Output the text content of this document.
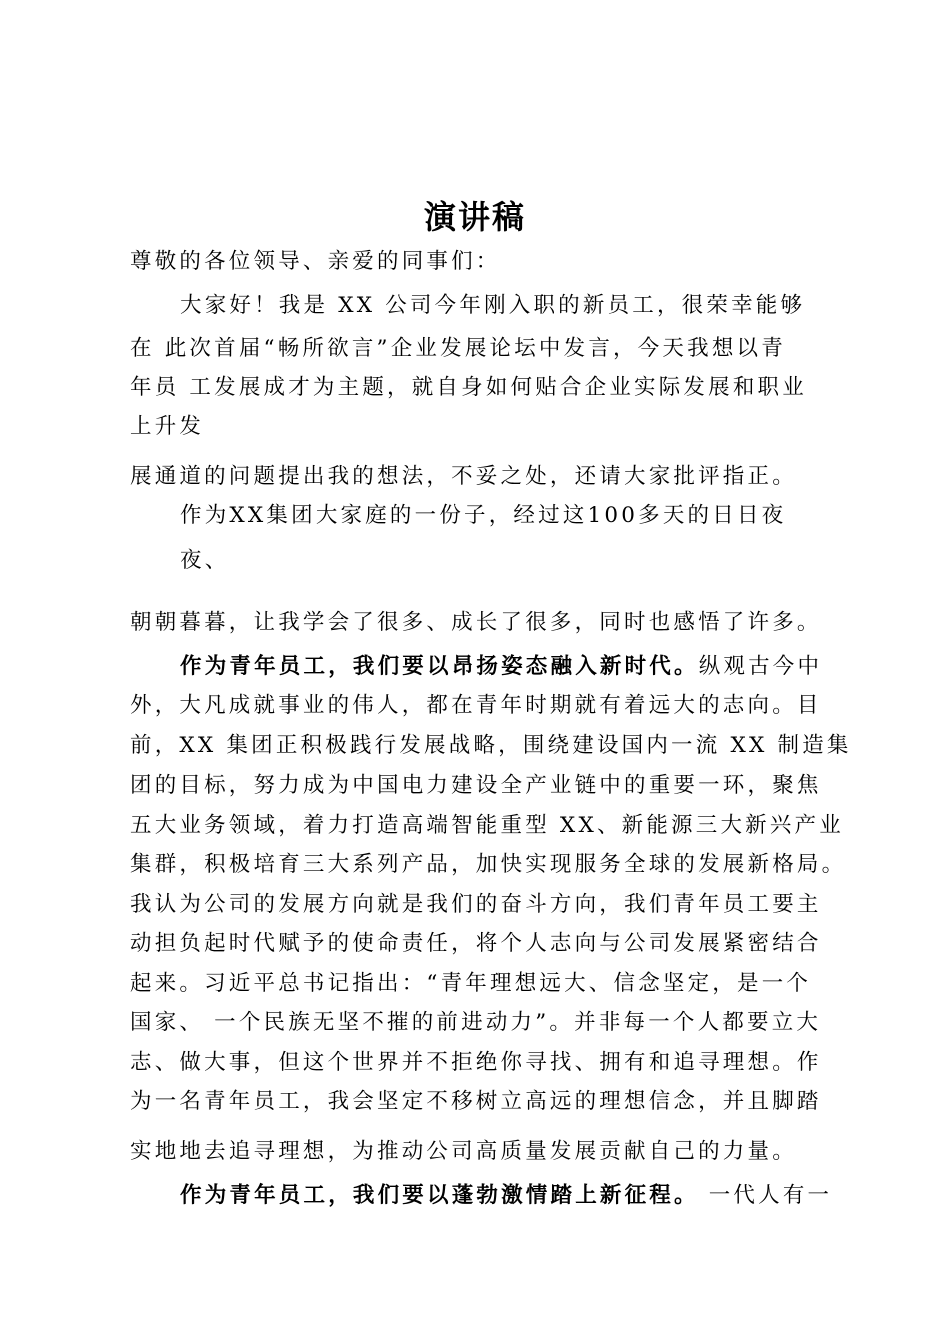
演讲稿
尊敬的各位领导、亲爱的同事们：
大家好！我是 XX 公司今年刚入职的新员工，很荣幸能够
在 此次首届“畅所欲言”企业发展论坛中发言，今天我想以青
年员 工发展成才为主题，就自身如何贴合企业实际发展和职业
上升发
展通道的问题提出我的想法，不妥之处，还请大家批评指正。
作为XX集团大家庭的一份子，经过这100多天的日日夜
夜、
朝朝暮暮，让我学会了很多、成长了很多，同时也感悟了许多。
作为青年员工，我们要以昂扬姿态融入新时代。纵观古今中
外，大凡成就事业的伟人，都在青年时期就有着远大的志向。目
前，XX 集团正积极践行发展战略，围绕建设国内一流 XX 制造集
团的目标，努力成为中国电力建设全产业链中的重要一环，聚焦
五大业务领域，着力打造高端智能重型 XX、新能源三大新兴产业
集群，积极培育三大系列产品，加快实现服务全球的发展新格局。
我认为公司的发展方向就是我们的奋斗方向，我们青年员工要主
动担负起时代赋予的使命责任，将个人志向与公司发展紧密结合
起来。习近平总书记指出：“青年理想远大、信念坚定，是一个
国家、 一个民族无坚不摧的前进动力”。并非每一个人都要立大
志、做大事，但这个世界并不拒绝你寻找、拥有和追寻理想。作
为一名青年员工，我会坚定不移树立高远的理想信念，并且脚踏
实地地去追寻理想，为推动公司高质量发展贡献自己的力量。
作为青年员工，我们要以蓬勃激情踏上新征程。 一代人有一
